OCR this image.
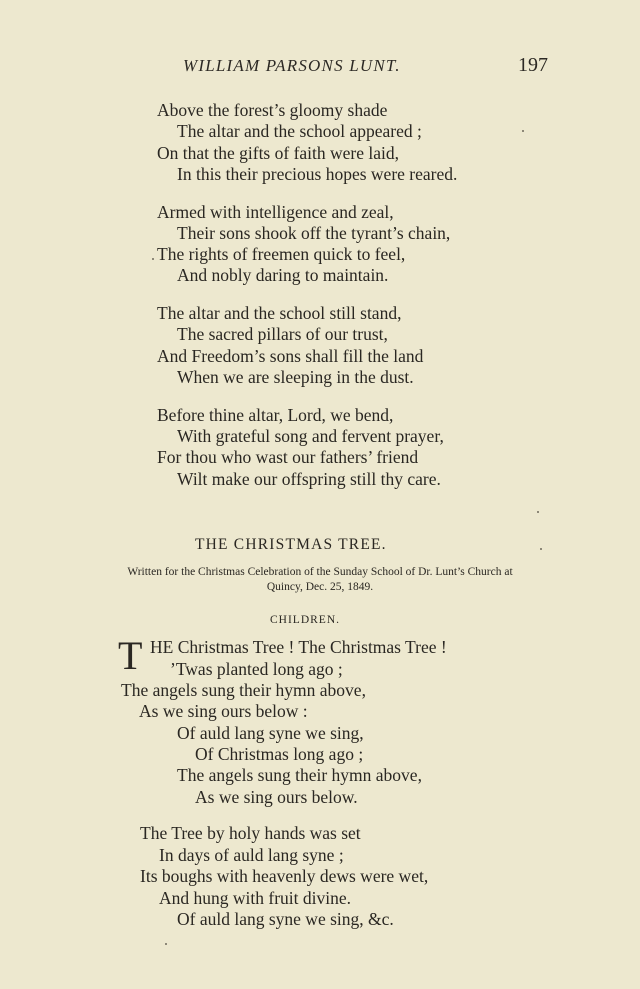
WILLIAM PARSONS LUNT.	197
Above the forest’s gloomy shade
The altar and the school appeared ;
On that the gifts of faith were laid,
In this their precious hopes were reared.
Armed with intelligence and zeal,
Their sons shook off the tyrant’s chain,
The rights of freemen quick to feel,
And nobly daring to maintain.
The altar and the school still stand,
The sacred pillars of our trust,
And Freedom’s sons shall fill the land
When we are sleeping in the dust.
Before thine altar, Lord, we bend,
With grateful song and fervent prayer,
For thou who wast our fathers’ friend
Wilt make our offspring still thy care.
THE CHRISTMAS TREE.
Written for the Christmas Celebration of the Sunday School of Dr. Lunt’s Church at
Quincy, Dec. 25, 1849.
CHILDREN.
T HE Christmas Tree ! The Christmas Tree !
’Twas planted long ago ;
The angels sung their hymn above,
As we sing ours below :
Of auld lang syne we sing,
Of Christmas long ago ;
The angels sung their hymn above,
As we sing ours below.
The Tree by holy hands was set
In days of auld lang syne ;
Its boughs with heavenly dews were wet,
And hung with fruit divine.
Of auld lang syne we sing, &c.
